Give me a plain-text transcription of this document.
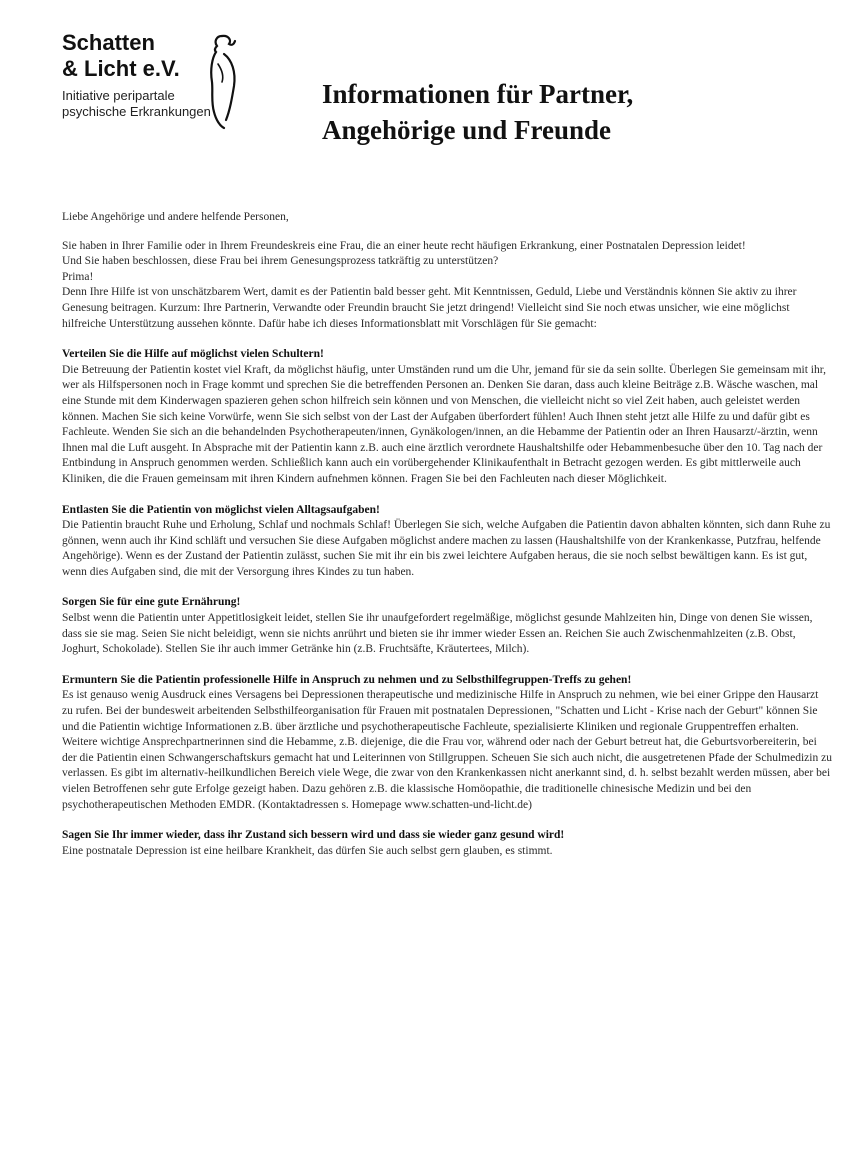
Schatten
& Licht e.V.
Initiative peripartale
psychische Erkrankungen
Informationen für Partner,
Angehörige und Freunde

Liebe Angehörige und andere helfende Personen,

Sie haben in Ihrer Familie oder in Ihrem Freundeskreis eine Frau, die an einer heute recht häufigen Erkrankung, einer Postnatalen Depression leidet!

Und Sie haben beschlossen, diese Frau bei ihrem Genesungsprozess tatkräftig zu unterstützen?

Prima!

Denn Ihre Hilfe ist von unschätzbarem Wert, damit es der Patientin bald besser geht. Mit Kenntnissen, Geduld, Liebe und Verständnis können Sie aktiv zu ihrer Genesung beitragen. Kurzum: Ihre Partnerin, Verwandte oder Freundin braucht Sie jetzt dringend! Vielleicht sind Sie noch etwas unsicher, wie eine möglichst hilfreiche Unterstützung aussehen könnte. Dafür habe ich dieses Informationsblatt mit Vorschlägen für Sie gemacht:

Verteilen Sie die Hilfe auf möglichst vielen Schultern!

Die Betreuung der Patientin kostet viel Kraft, da möglichst häufig, unter Umständen rund um die Uhr, jemand für sie da sein sollte. Überlegen Sie gemeinsam mit ihr, wer als Hilfspersonen noch in Frage kommt und sprechen Sie die betreffenden Personen an. Denken Sie daran, dass auch kleine Beiträge z.B. Wäsche waschen, mal eine Stunde mit dem Kinderwagen spazieren gehen schon hilfreich sein können und von Menschen, die vielleicht nicht so viel Zeit haben, auch geleistet werden können. Machen Sie sich keine Vorwürfe, wenn Sie sich selbst von der Last der Aufgaben überfordert fühlen! Auch Ihnen steht jetzt alle Hilfe zu und dafür gibt es Fachleute. Wenden Sie sich an die behandelnden Psychotherapeuten/innen, Gynäkologen/innen, an die Hebamme der Patientin oder an Ihren Hausarzt/-ärztin, wenn Ihnen mal die Luft ausgeht. In Absprache mit der Patientin kann z.B. auch eine ärztlich verordnete Haushaltshilfe oder Hebammenbesuche über den 10. Tag nach der Entbindung in Anspruch genommen werden. Schließlich kann auch ein vorübergehender Klinikaufenthalt in Betracht gezogen werden. Es gibt mittlerweile auch Kliniken, die die Frauen gemeinsam mit ihren Kindern aufnehmen können. Fragen Sie bei den Fachleuten nach dieser Möglichkeit.

Entlasten Sie die Patientin von möglichst vielen Alltagsaufgaben!

Die Patientin braucht Ruhe und Erholung, Schlaf und nochmals Schlaf! Überlegen Sie sich, welche Aufgaben die Patientin davon abhalten könnten, sich dann Ruhe zu gönnen, wenn auch ihr Kind schläft und versuchen Sie diese Aufgaben möglichst andere machen zu lassen (Haushaltshilfe von der Krankenkasse, Putzfrau, helfende Angehörige). Wenn es der Zustand der Patientin zulässt, suchen Sie mit ihr ein bis zwei leichtere Aufgaben heraus, die sie noch selbst bewältigen kann. Es ist gut, wenn dies Aufgaben sind, die mit der Versorgung ihres Kindes zu tun haben.

Sorgen Sie für eine gute Ernährung!

Selbst wenn die Patientin unter Appetitlosigkeit leidet, stellen Sie ihr unaufgefordert regelmäßige, möglichst gesunde Mahlzeiten hin, Dinge von denen Sie wissen, dass sie sie mag. Seien Sie nicht beleidigt, wenn sie nichts anrührt und bieten sie ihr immer wieder Essen an. Reichen Sie auch Zwischenmahlzeiten (z.B. Obst, Joghurt, Schokolade). Stellen Sie ihr auch immer Getränke hin (z.B. Fruchtsäfte, Kräutertees, Milch).

Ermuntern Sie die Patientin professionelle Hilfe in Anspruch zu nehmen und zu Selbsthilfegruppen-Treffs zu gehen!

Es ist genauso wenig Ausdruck eines Versagens bei Depressionen therapeutische und medizinische Hilfe in Anspruch zu nehmen, wie bei einer Grippe den Hausarzt zu rufen. Bei der bundesweit arbeitenden Selbsthilfeorganisation für Frauen mit postnatalen Depressionen, "Schatten und Licht - Krise nach der Geburt" können Sie und die Patientin wichtige Informationen z.B. über ärztliche und psychotherapeutische Fachleute, spezialisierte Kliniken und regionale Gruppentreffen erhalten. Weitere wichtige Ansprechpartnerinnen sind die Hebamme, z.B. diejenige, die die Frau vor, während oder nach der Geburt betreut hat, die Geburtsvorbereiterin, bei der die Patientin einen Schwangerschaftskurs gemacht hat und Leiterinnen von Stillgruppen. Scheuen Sie sich auch nicht, die ausgetretenen Pfade der Schulmedizin zu verlassen. Es gibt im alternativ-heilkundlichen Bereich viele Wege, die zwar von den Krankenkassen nicht anerkannt sind, d. h. selbst bezahlt werden müssen, aber bei vielen Betroffenen sehr gute Erfolge gezeigt haben. Dazu gehören z.B. die klassische Homöopathie, die traditionelle chinesische Medizin und bei den psychotherapeutischen Methoden EMDR. (Kontaktadressen s. Homepage www.schatten-und-licht.de)

Sagen Sie Ihr immer wieder, dass ihr Zustand sich bessern wird und dass sie wieder ganz gesund wird!

Eine postnatale Depression ist eine heilbare Krankheit, das dürfen Sie auch selbst gern glauben, es stimmt.
